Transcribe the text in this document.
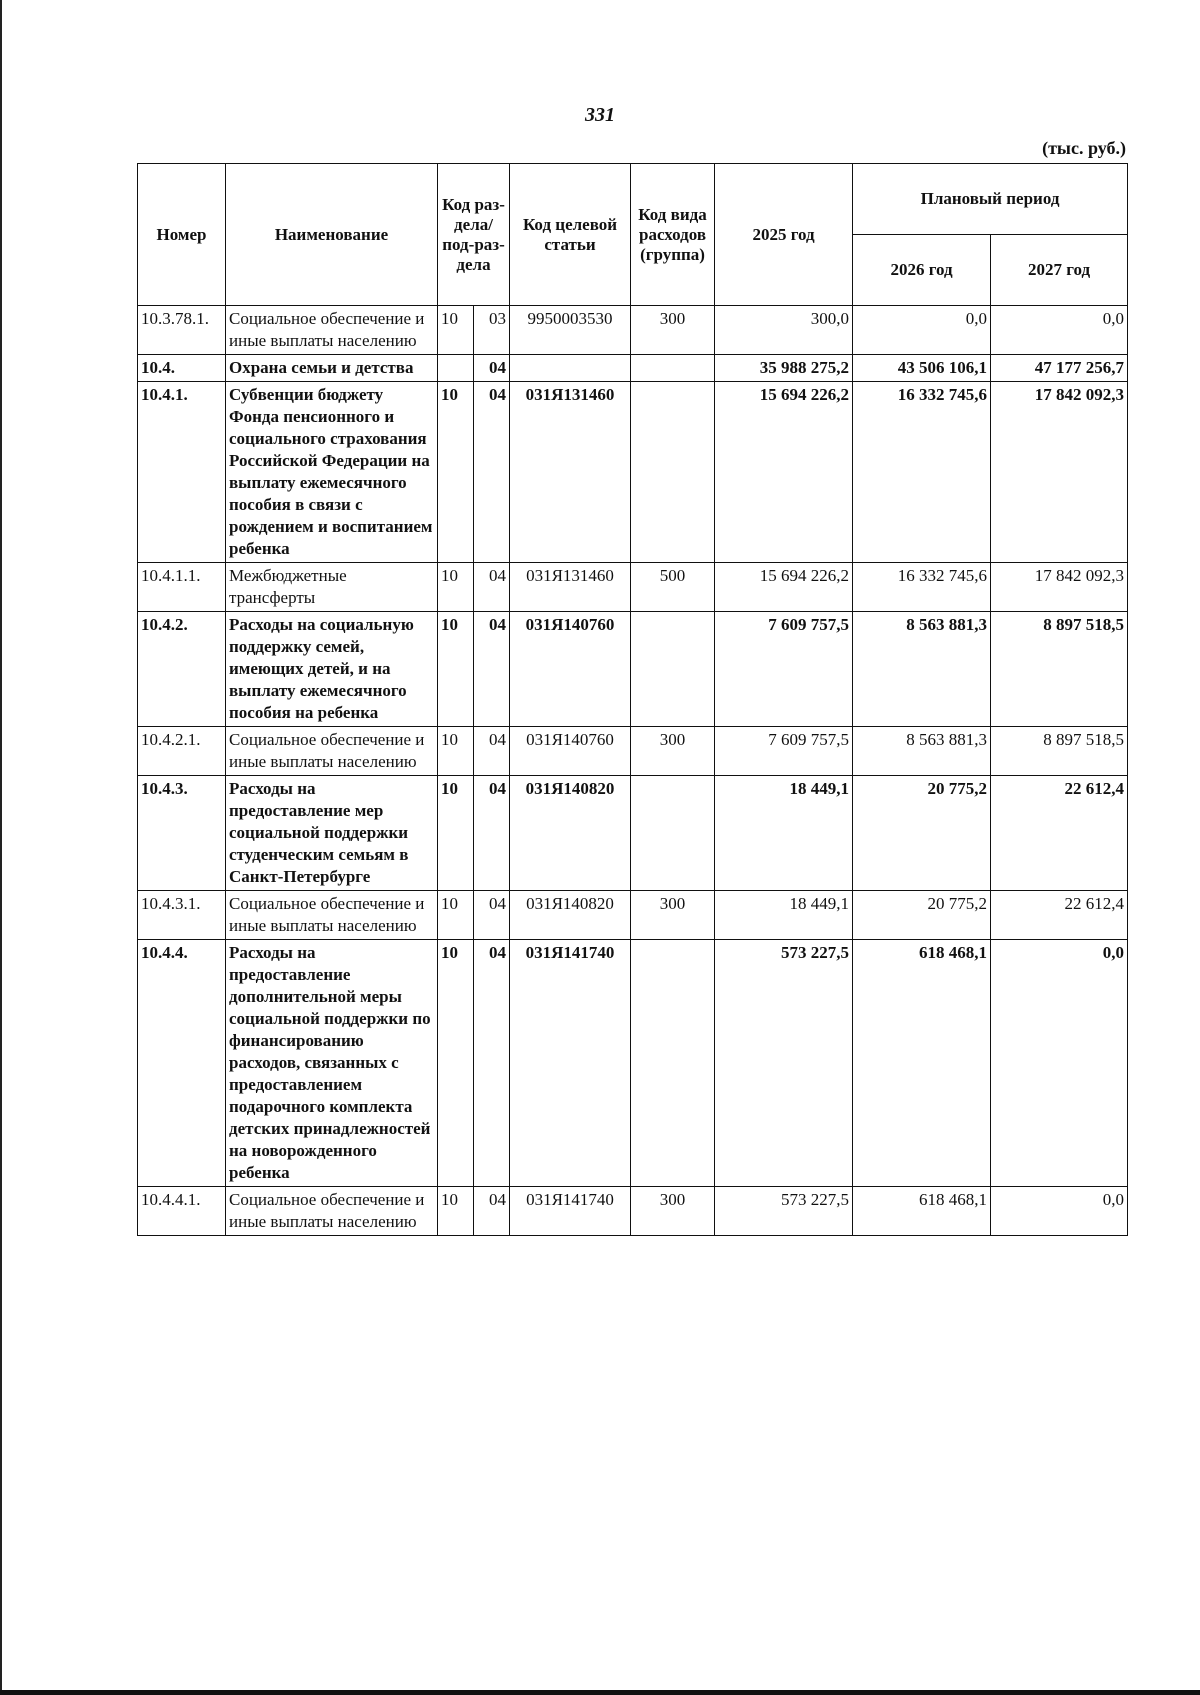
331
(тыс. руб.)
Номер	Наименование	Код раз-дела/ под-раз-дела		Код целевой статьи	Код вида расходов (группа)	2025 год	Плановый период	
							2026 год	2027 год
10.3.78.1.	Социальное обеспечение и иные выплаты населению	10	03	9950003530	300	300,0	0,0	0,0
10.4.	Охрана семьи и детства		04			35 988 275,2	43 506 106,1	47 177 256,7
10.4.1.	Субвенции бюджету Фонда пенсионного и социального страхования Российской Федерации на выплату ежемесячного пособия в связи с рождением и воспитанием ребенка	10	04	031Я131460		15 694 226,2	16 332 745,6	17 842 092,3
10.4.1.1.	Межбюджетные трансферты	10	04	031Я131460	500	15 694 226,2	16 332 745,6	17 842 092,3
10.4.2.	Расходы на социальную поддержку семей, имеющих детей, и на выплату ежемесячного пособия на ребенка	10	04	031Я140760		7 609 757,5	8 563 881,3	8 897 518,5
10.4.2.1.	Социальное обеспечение и иные выплаты населению	10	04	031Я140760	300	7 609 757,5	8 563 881,3	8 897 518,5
10.4.3.	Расходы на предоставление мер социальной поддержки студенческим семьям в Санкт-Петербурге	10	04	031Я140820		18 449,1	20 775,2	22 612,4
10.4.3.1.	Социальное обеспечение и иные выплаты населению	10	04	031Я140820	300	18 449,1	20 775,2	22 612,4
10.4.4.	Расходы на предоставление дополнительной меры социальной поддержки по финансированию расходов, связанных с предоставлением подарочного комплекта детских принадлежностей на новорожденного ребенка	10	04	031Я141740		573 227,5	618 468,1	0,0
10.4.4.1.	Социальное обеспечение и иные выплаты населению	10	04	031Я141740	300	573 227,5	618 468,1	0,0
